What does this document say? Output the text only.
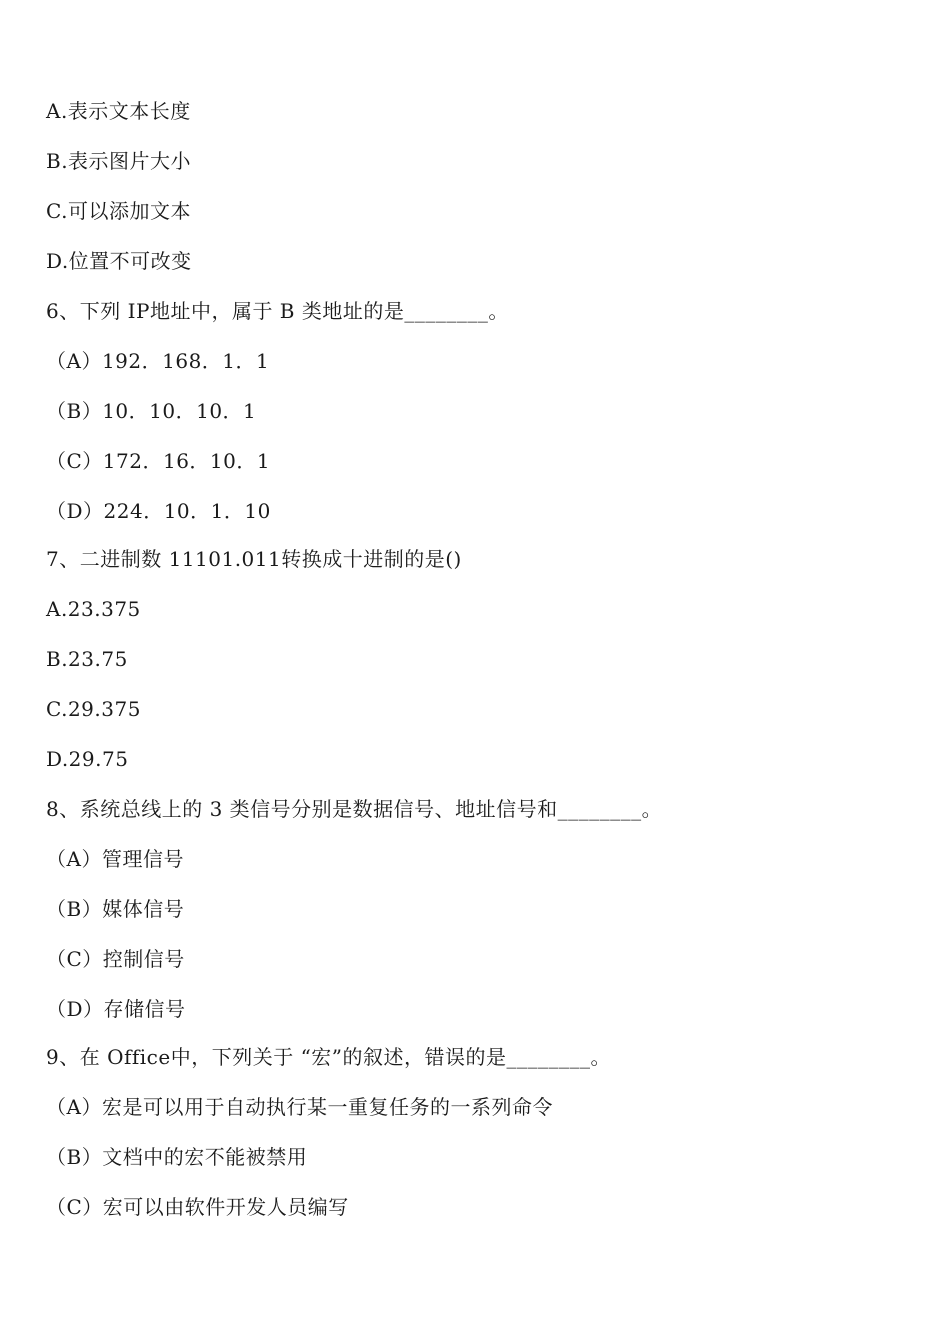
A.表示文本长度
B.表示图片大小
C.可以添加文本
D.位置不可改变
6、下列 IP地址中，属于 B 类地址的是________。
（A）192．168．1．1
（B）10．10．10．1
（C）172．16．10．1
（D）224．10．1．10
7、二进制数 11101.011转换成十进制的是()
A.23.375
B.23.75
C.29.375
D.29.75
8、系统总线上的 3 类信号分别是数据信号、地址信号和________。
（A）管理信号
（B）媒体信号
（C）控制信号
（D）存储信号
9、在 Office中，下列关于 “宏”的叙述，错误的是________。
（A）宏是可以用于自动执行某一重复任务的一系列命令
（B）文档中的宏不能被禁用
（C）宏可以由软件开发人员编写
